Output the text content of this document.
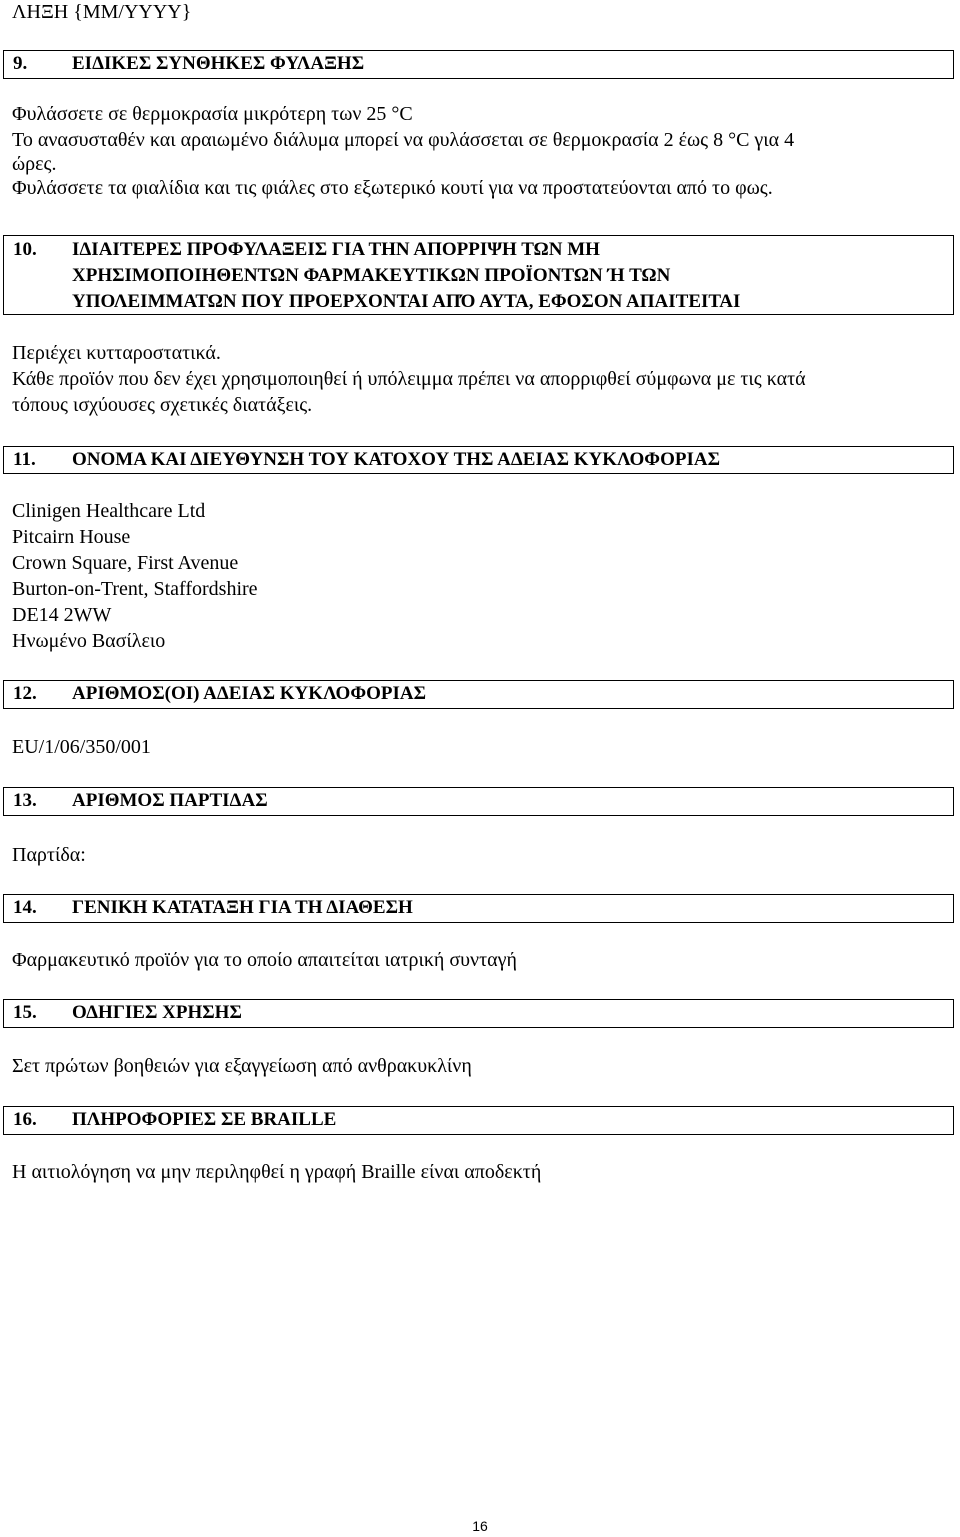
ΛΗΞΗ {MM/YYYY}
9. ΕΙΔΙΚΕΣ ΣΥΝΘΗΚΕΣ ΦΥΛΑΞΗΣ
Φυλάσσετε σε θερμοκρασία μικρότερη των 25 °C
Το ανασυσταθέν και αραιωμένο διάλυμα μπορεί να φυλάσσεται σε θερμοκρασία 2 έως 8 °C για 4
ώρες.
Φυλάσσετε τα φιαλίδια και τις φιάλες στο εξωτερικό κουτί για να προστατεύονται από το φως.
10. ΙΔΙΑΙΤΕΡΕΣ ΠΡΟΦΥΛΑΞΕΙΣ ΓΙΑ ΤΗΝ ΑΠΟΡΡΙΨΗ ΤΩΝ ΜΗ
ΧΡΗΣΙΜΟΠΟΙΗΘΕΝΤΩΝ ΦΑΡΜΑΚΕΥΤΙΚΩΝ ΠΡΟΪΟΝΤΩΝ Ή ΤΩΝ
ΥΠΟΛΕΙΜΜΑΤΩΝ ΠΟΥ ΠΡΟΕΡΧΟΝΤΑΙ ΑΠΌ ΑΥΤΑ, ΕΦΟΣΟΝ ΑΠΑΙΤΕΙΤΑΙ
Περιέχει κυτταροστατικά.
Κάθε προϊόν που δεν έχει χρησιμοποιηθεί ή υπόλειμμα πρέπει να απορριφθεί σύμφωνα με τις κατά
τόπους ισχύουσες σχετικές διατάξεις.
11. ΟΝΟΜΑ ΚΑΙ ΔΙΕΥΘΥΝΣΗ ΤΟΥ ΚΑΤΟΧΟΥ ΤΗΣ ΑΔΕΙΑΣ ΚΥΚΛΟΦΟΡΙΑΣ
Clinigen Healthcare Ltd
Pitcairn House
Crown Square, First Avenue
Burton-on-Trent, Staffordshire
DE14 2WW
Ηνωμένο Βασίλειο
12. ΑΡΙΘΜΟΣ(ΟΙ) ΑΔΕΙΑΣ ΚΥΚΛΟΦΟΡΙΑΣ
EU/1/06/350/001
13. ΑΡΙΘΜΟΣ ΠΑΡΤΙΔΑΣ
Παρτίδα:
14. ΓΕΝΙΚΗ ΚΑΤΑΤΑΞΗ ΓΙΑ ΤΗ ΔΙΑΘΕΣΗ
Φαρμακευτικό προϊόν για το οποίο απαιτείται ιατρική συνταγή
15. ΟΔΗΓΙΕΣ ΧΡΗΣΗΣ
Σετ πρώτων βοηθειών για εξαγγείωση από ανθρακυκλίνη
16. ΠΛΗΡΟΦΟΡΙΕΣ ΣΕ BRAILLE
Η αιτιολόγηση να μην περιληφθεί η γραφή Braille είναι αποδεκτή
16
